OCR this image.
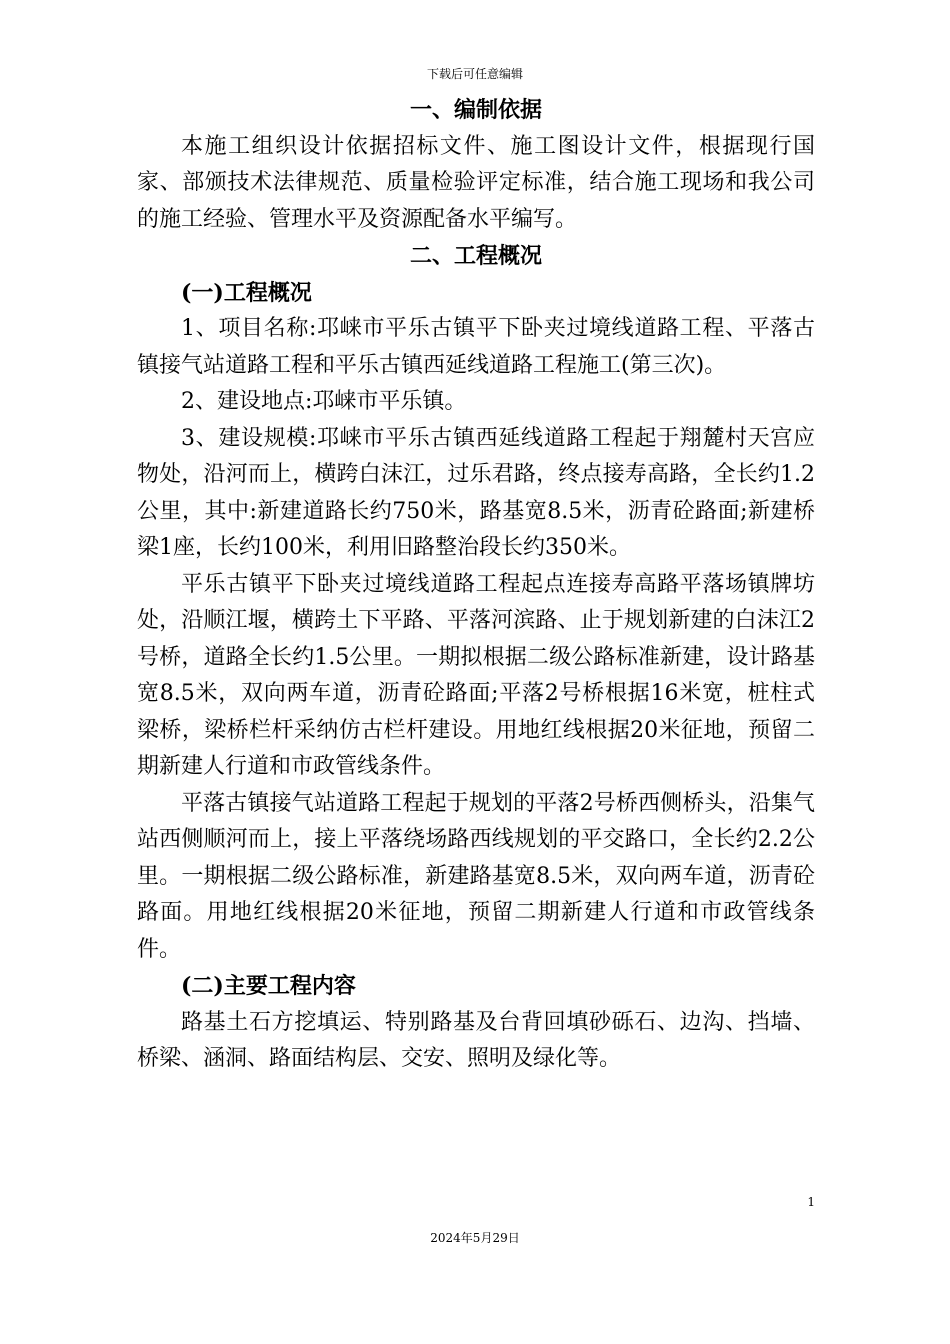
下载后可任意编辑
一、编制依据

本施工组织设计依据招标文件、施工图设计文件，根据现行国家、部颁技术法律规范、质量检验评定标准，结合施工现场和我公司的施工经验、管理水平及资源配备水平编写。

二、工程概况
(一)工程概况

1、项目名称:邛崃市平乐古镇平下卧夹过境线道路工程、平落古镇接气站道路工程和平乐古镇西延线道路工程施工(第三次)。

2、建设地点:邛崃市平乐镇。

3、建设规模:邛崃市平乐古镇西延线道路工程起于翔麓村天宫应物处，沿河而上，横跨白沫江，过乐君路，终点接寿高路，全长约1.2公里，其中:新建道路长约750米，路基宽8.5米，沥青砼路面;新建桥梁1座，长约100米，利用旧路整治段长约350米。

平乐古镇平下卧夹过境线道路工程起点连接寿高路平落场镇牌坊处，沿顺江堰，横跨土下平路、平落河滨路、止于规划新建的白沫江2号桥，道路全长约1.5公里。一期拟根据二级公路标准新建，设计路基宽8.5米，双向两车道，沥青砼路面;平落2号桥根据16米宽，桩柱式梁桥，梁桥栏杆采纳仿古栏杆建设。用地红线根据20米征地，预留二期新建人行道和市政管线条件。

平落古镇接气站道路工程起于规划的平落2号桥西侧桥头，沿集气站西侧顺河而上，接上平落绕场路西线规划的平交路口，全长约2.2公里。一期根据二级公路标准，新建路基宽8.5米，双向两车道，沥青砼路面。用地红线根据20米征地，预留二期新建人行道和市政管线条件。

(二)主要工程内容

路基土石方挖填运、特别路基及台背回填砂砾石、边沟、挡墙、桥梁、涵洞、路面结构层、交安、照明及绿化等。

1
2024年5月29日
